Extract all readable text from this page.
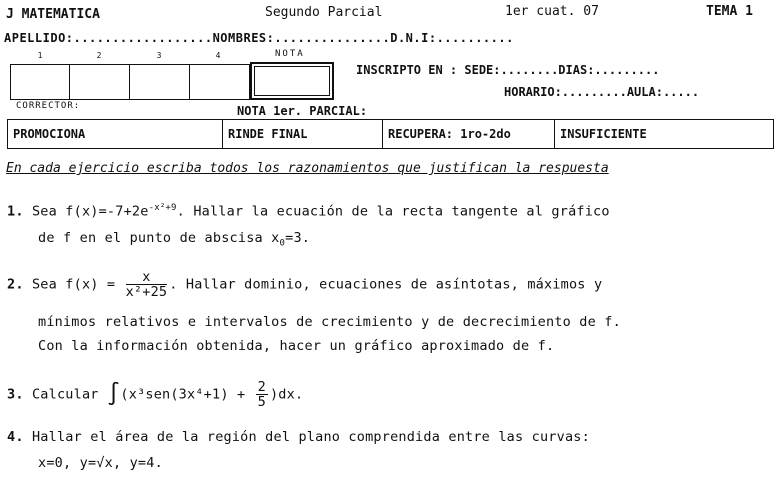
J MATEMATICA	Segundo Parcial	1er cuat. 07	TEMA 1
APELLIDO:..................NOMBRES:...............D.N.I:..........
1	2	3	4	NOTA
INSCRIPTO EN : SEDE:........DIAS:.........
HORARIO:.........AULA:.....
CORRECTOR:	NOTA 1er. PARCIAL:
PROMOCIONA	RINDE FINAL	RECUPERA: 1ro-2do	INSUFICIENTE
En cada ejercicio escriba todos los razonamientos que justifican la respuesta
1. Sea $f(x)=-7+2e^{-x^2+9}$. Hallar la ecuación de la recta tangente al gráfico
de f en el punto de abscisa $x_0=3$.
2. Sea $f(x) = \frac{x}{\text{x²+25}}$ . Hallar dominio, ecuaciones de asíntotas, máximos y
mínimos relativos e intervalos de crecimiento y de decrecimiento de f.
Con la información obtenida, hacer un gráfico aproximado de f.
3. Calcular $\int(x^3sen(3x^4+1) + \frac{2}{5} )dx$.
4. Hallar el área de la región del plano comprendida entre las curvas:
x=0, y=√x, y=4.
